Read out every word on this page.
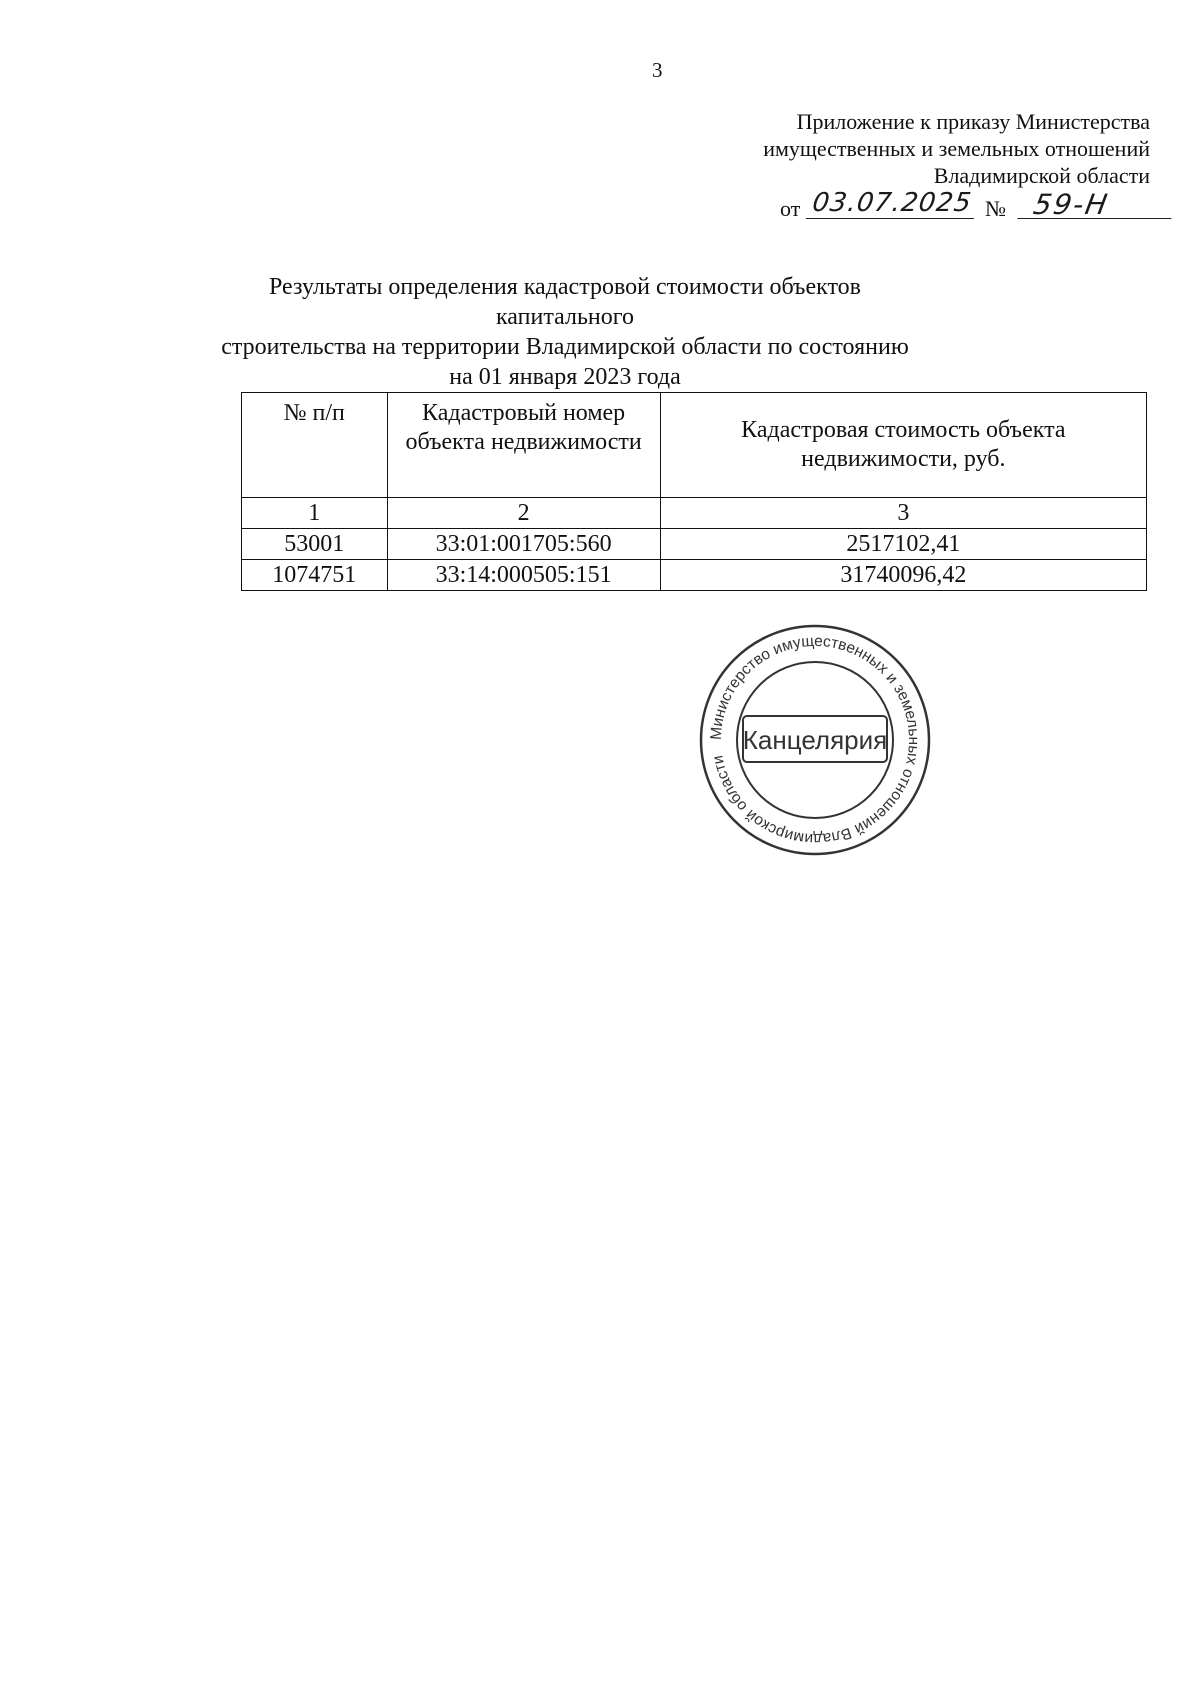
3
Приложение к приказу Министерства
имущественных и земельных отношений
Владимирской области
от 03.07.2025 № 59-Н
Результаты определения кадастровой стоимости объектов капитального
строительства на территории Владимирской области по состоянию
на 01 января 2023 года
№ п/п	Кадастровый номер объекта недвижимости	Кадастровая стоимость объекта недвижимости, руб.
1	2	3
53001	33:01:001705:560	2517102,41
1074751	33:14:000505:151	31740096,42
Министерство имущественных и земельных отношений Владимирской области
Канцелярия
